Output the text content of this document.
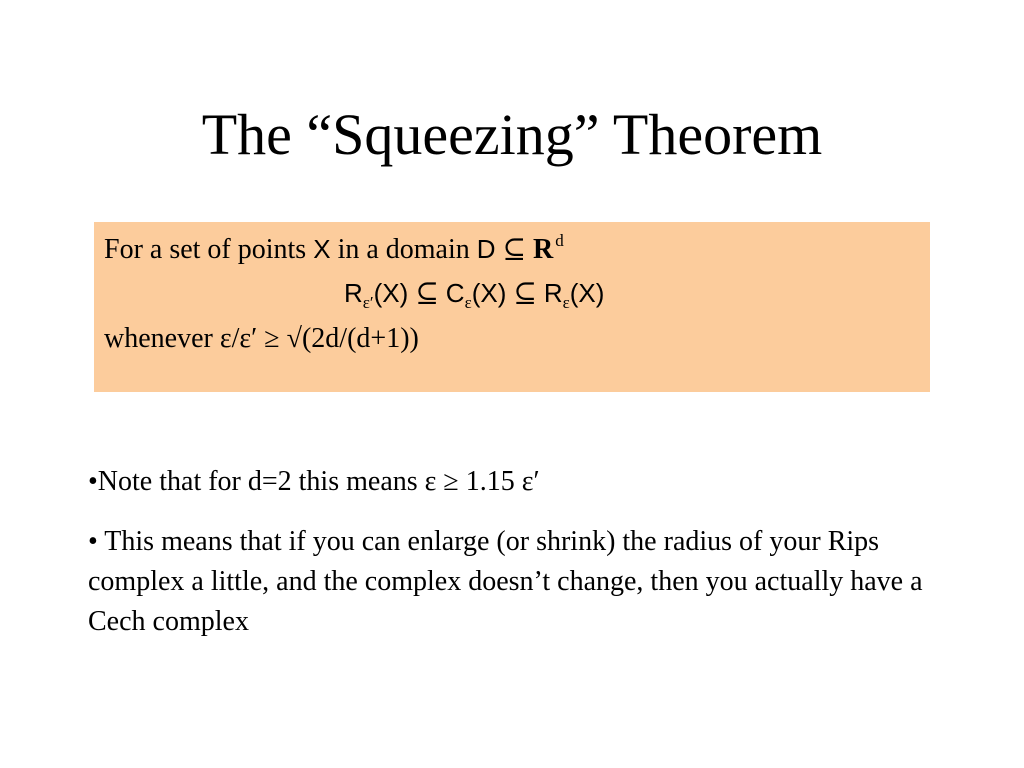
The “Squeezing” Theorem
For a set of points X in a domain D ⊆ R $^d$
$R_{\varepsilon'}(X)$ ⊆ $C_\varepsilon(X)$ ⊆ $R_\varepsilon(X)$
whenever ε/ε′ ≥ √(2d/(d+1))
•Note that for d=2 this means ε ≥ 1.15 ε′
• This means that if you can enlarge (or shrink) the radius of your Rips complex a little, and the complex doesn’t change, then you actually have a Cech complex
